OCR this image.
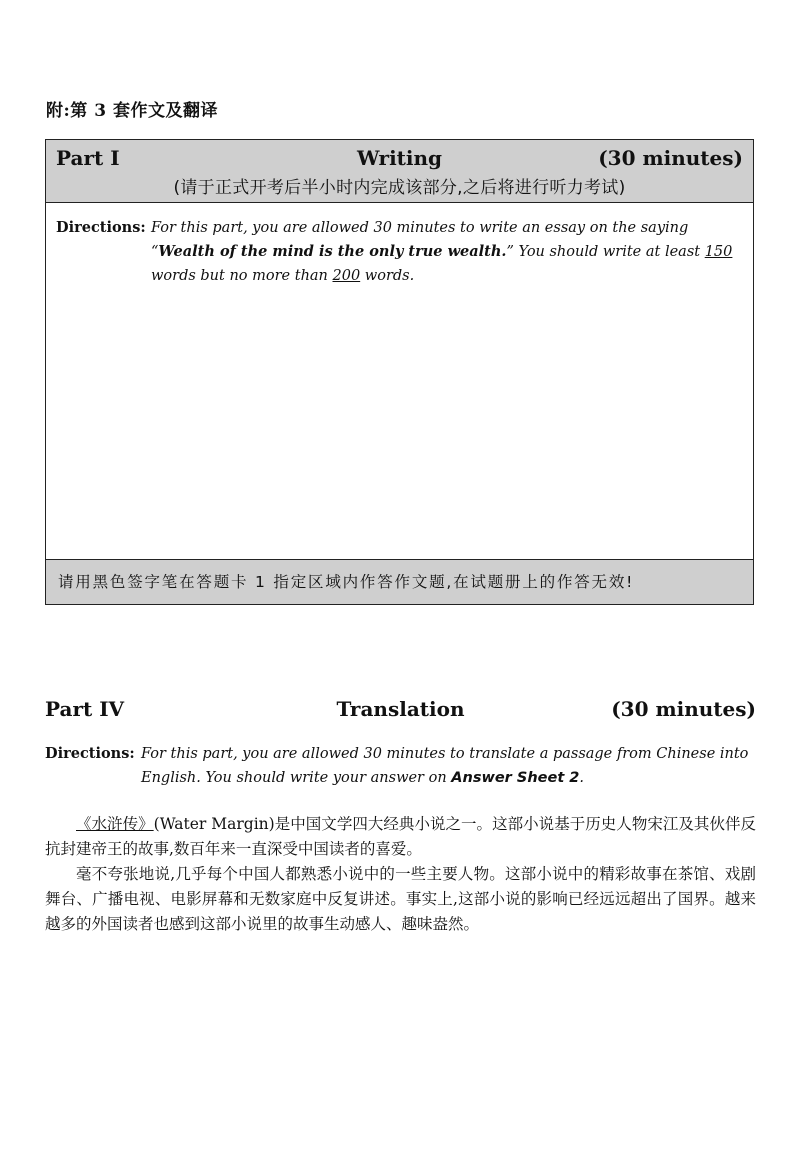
附:第 3 套作文及翻译
Part I	Writing	(30 minutes)
(请于正式开考后半小时内完成该部分,之后将进行听力考试)
Directions: For this part, you are allowed 30 minutes to write an essay on the saying “Wealth of the mind is the only true wealth.” You should write at least 150 words but no more than 200 words.
请用黑色签字笔在答题卡 1 指定区域内作答作文题,在试题册上的作答无效!
Part IV	Translation	(30 minutes)
Directions: For this part, you are allowed 30 minutes to translate a passage from Chinese into English. You should write your answer on Answer Sheet 2.

《水浒传》(Water Margin)是中国文学四大经典小说之一。这部小说基于历史人物宋江及其伙伴反抗封建帝王的故事,数百年来一直深受中国读者的喜爱。

毫不夸张地说,几乎每个中国人都熟悉小说中的一些主要人物。这部小说中的精彩故事在茶馆、戏剧舞台、广播电视、电影屏幕和无数家庭中反复讲述。事实上,这部小说的影响已经远远超出了国界。越来越多的外国读者也感到这部小说里的故事生动感人、趣味盎然。
